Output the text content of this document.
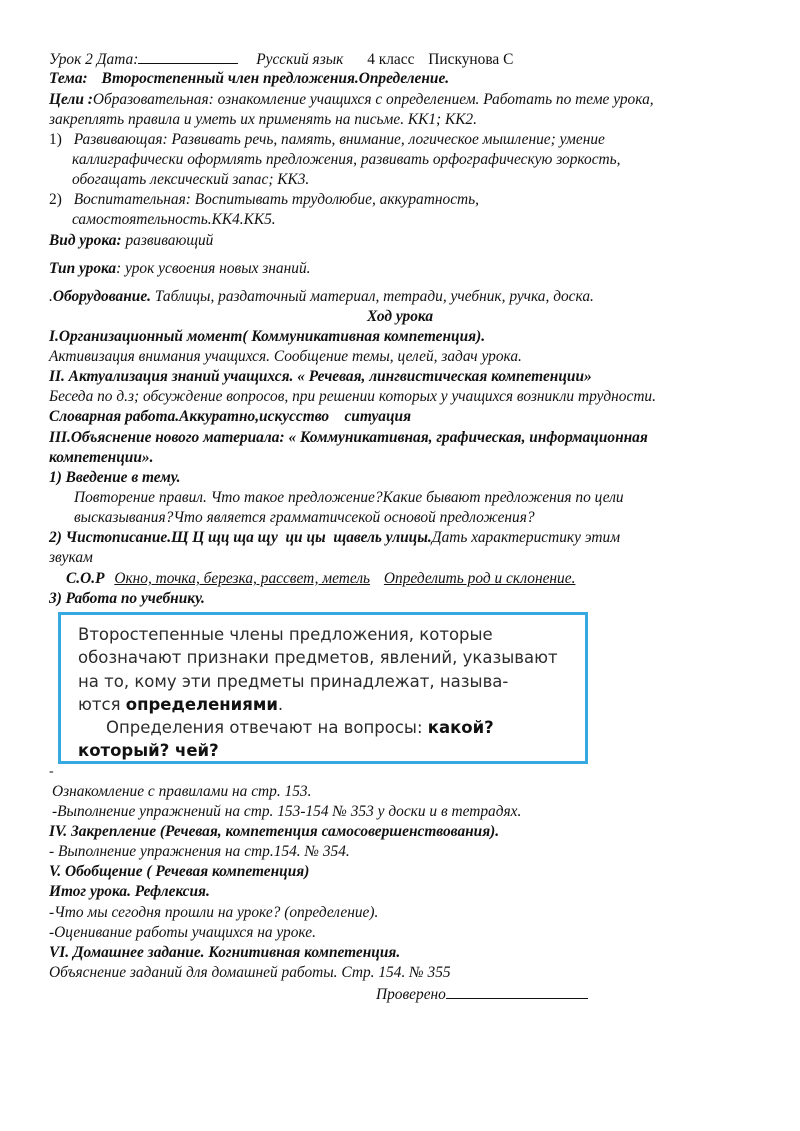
Урок 2 Дата:	Русский язык 4 класс Пискунова С
Тема: Второстепенный член предложения.Определение.
Цели :Образовательная: ознакомление учащихся с определением. Работать по теме урока,
закреплять правила и уметь их применять на письме. КК1; КК2.
1) Развивающая: Развивать речь, память, внимание, логическое мышление; умение
каллиграфически оформлять предложения, развивать орфографическую зоркость,
обогащать лексический запас; КК3.
2) Воспитательная: Воспитывать трудолюбие, аккуратность,
самостоятельность.КК4.КК5.
Вид урока: развивающий
Тип урока: урок усвоения новых знаний.
.Оборудование. Таблицы, раздаточный материал, тетради, учебник, ручка, доска.
Ход урока
I.Организационный момент( Коммуникативная компетенция).
Активизация внимания учащихся. Сообщение темы, целей, задач урока.
II. Актуализация знаний учащихся. « Речевая, лингвистическая компетенции»
Беседа по д.з; обсуждение вопросов, при решении которых у учащихся возникли трудности.
Словарная работа.Аккуратно,искусство    ситуация
III.Объяснение нового материала: « Коммуникативная, графическая, информационная
компетенции».
1) Введение в тему.
Повторение правил. Что такое предложение?Какие бывают предложения по цели
высказывания?Что является грамматичсекой основой предложения?
2) Чистописание.Щ Ц щц ща щу  ци цы  щавель улицы.Дать характеристику этим
звукам
С.О.Р Окно, точка, березка, рассвет, метель Определить род и склонение.
3) Работа по учебнику.

Второстепенные члены предложения, которые

обозначают признаки предметов, явлений, указывают

на то, кому эти предметы принадлежат, называ-

ются определениями.

Определения отвечают на вопросы: какой?

который? чей?

-
Ознакомление с правилами на стр. 153.
-Выполнение упражнений на стр. 153-154 № 353 у доски и в тетрадях.
IV. Закрепление (Речевая, компетенция самосовершенствования).
- Выполнение упражнения на стр.154. № 354.
V. Обобщение ( Речевая компетенция)
Итог урока. Рефлексия.
-Что мы сегодня прошли на уроке? (определение).
-Оценивание работы учащихся на уроке.
VI. Домашнее задание. Когнитивная компетенция.
Объяснение заданий для домашней работы. Стр. 154. № 355
Проверено
